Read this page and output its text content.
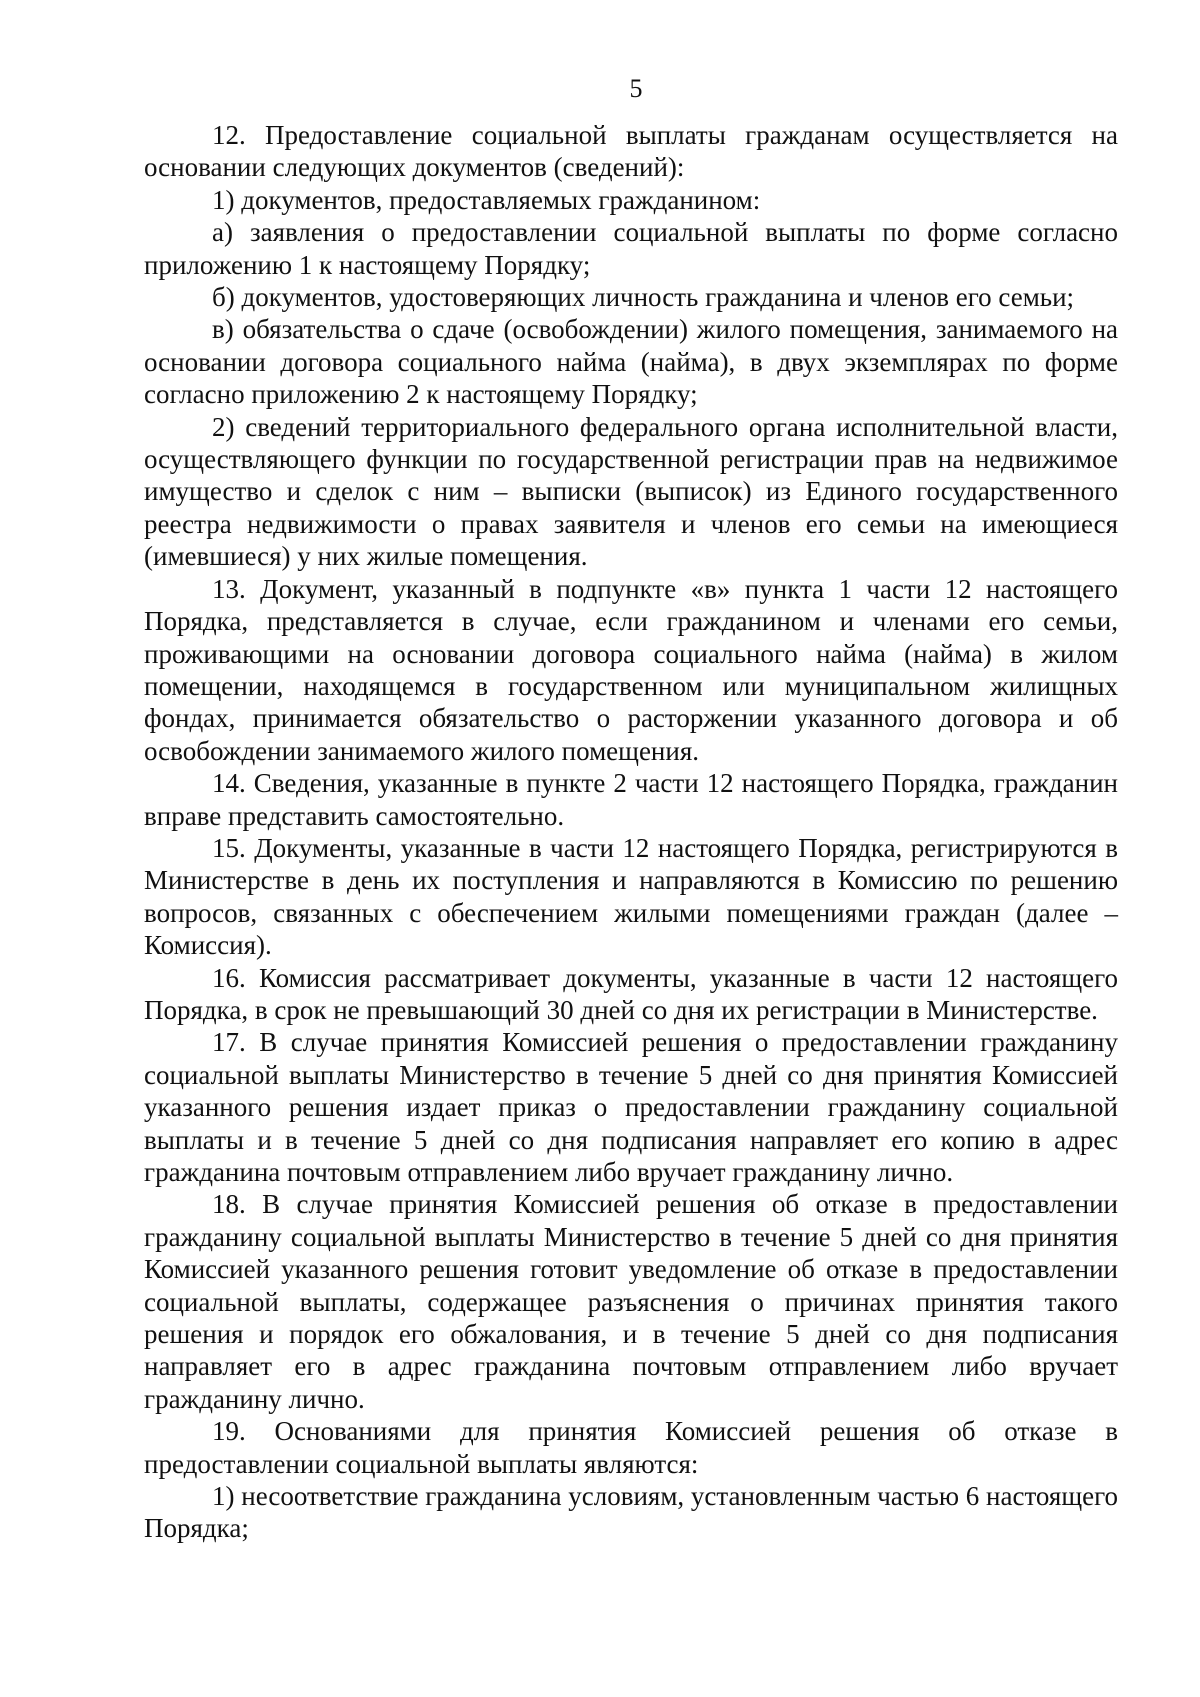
5

12. Предоставление социальной выплаты гражданам осуществляется на основании следующих документов (сведений):

1) документов, предоставляемых гражданином:

а) заявления о предоставлении социальной выплаты по форме согласно приложению 1 к настоящему Порядку;

б) документов, удостоверяющих личность гражданина и членов его семьи;

в) обязательства о сдаче (освобождении) жилого помещения, занимаемого на основании договора социального найма (найма), в двух экземплярах по форме согласно приложению 2 к настоящему Порядку;

2) сведений территориального федерального органа исполнительной власти, осуществляющего функции по государственной регистрации прав на недвижимое имущество и сделок с ним – выписки (выписок) из Единого государственного реестра недвижимости о правах заявителя и членов его семьи на имеющиеся (имевшиеся) у них жилые помещения.

13. Документ, указанный в подпункте «в» пункта 1 части 12 настоящего Порядка, представляется в случае, если гражданином и членами его семьи, проживающими на основании договора социального найма (найма) в жилом помещении, находящемся в государственном или муниципальном жилищных фондах, принимается обязательство о расторжении указанного договора и об освобождении занимаемого жилого помещения.

14. Сведения, указанные в пункте 2 части 12 настоящего Порядка, гражданин вправе представить самостоятельно.

15. Документы, указанные в части 12 настоящего Порядка, регистрируются в Министерстве в день их поступления и направляются в Комиссию по решению вопросов, связанных с обеспечением жилыми помещениями граждан (далее – Комиссия).

16. Комиссия рассматривает документы, указанные в части 12 настоящего Порядка, в срок не превышающий 30 дней со дня их регистрации в Министерстве.

17. В случае принятия Комиссией решения о предоставлении гражданину социальной выплаты Министерство в течение 5 дней со дня принятия Комиссией указанного решения издает приказ о предоставлении гражданину социальной выплаты и в течение 5 дней со дня подписания направляет его копию в адрес гражданина почтовым отправлением либо вручает гражданину лично.

18. В случае принятия Комиссией решения об отказе в предоставлении гражданину социальной выплаты Министерство в течение 5 дней со дня принятия Комиссией указанного решения готовит уведомление об отказе в предоставлении социальной выплаты, содержащее разъяснения о причинах принятия такого решения и порядок его обжалования, и в течение 5 дней со дня подписания направляет его в адрес гражданина почтовым отправлением либо вручает гражданину лично.

19. Основаниями для принятия Комиссией решения об отказе в предоставлении социальной выплаты являются:

1) несоответствие гражданина условиям, установленным частью 6 настоящего Порядка;
